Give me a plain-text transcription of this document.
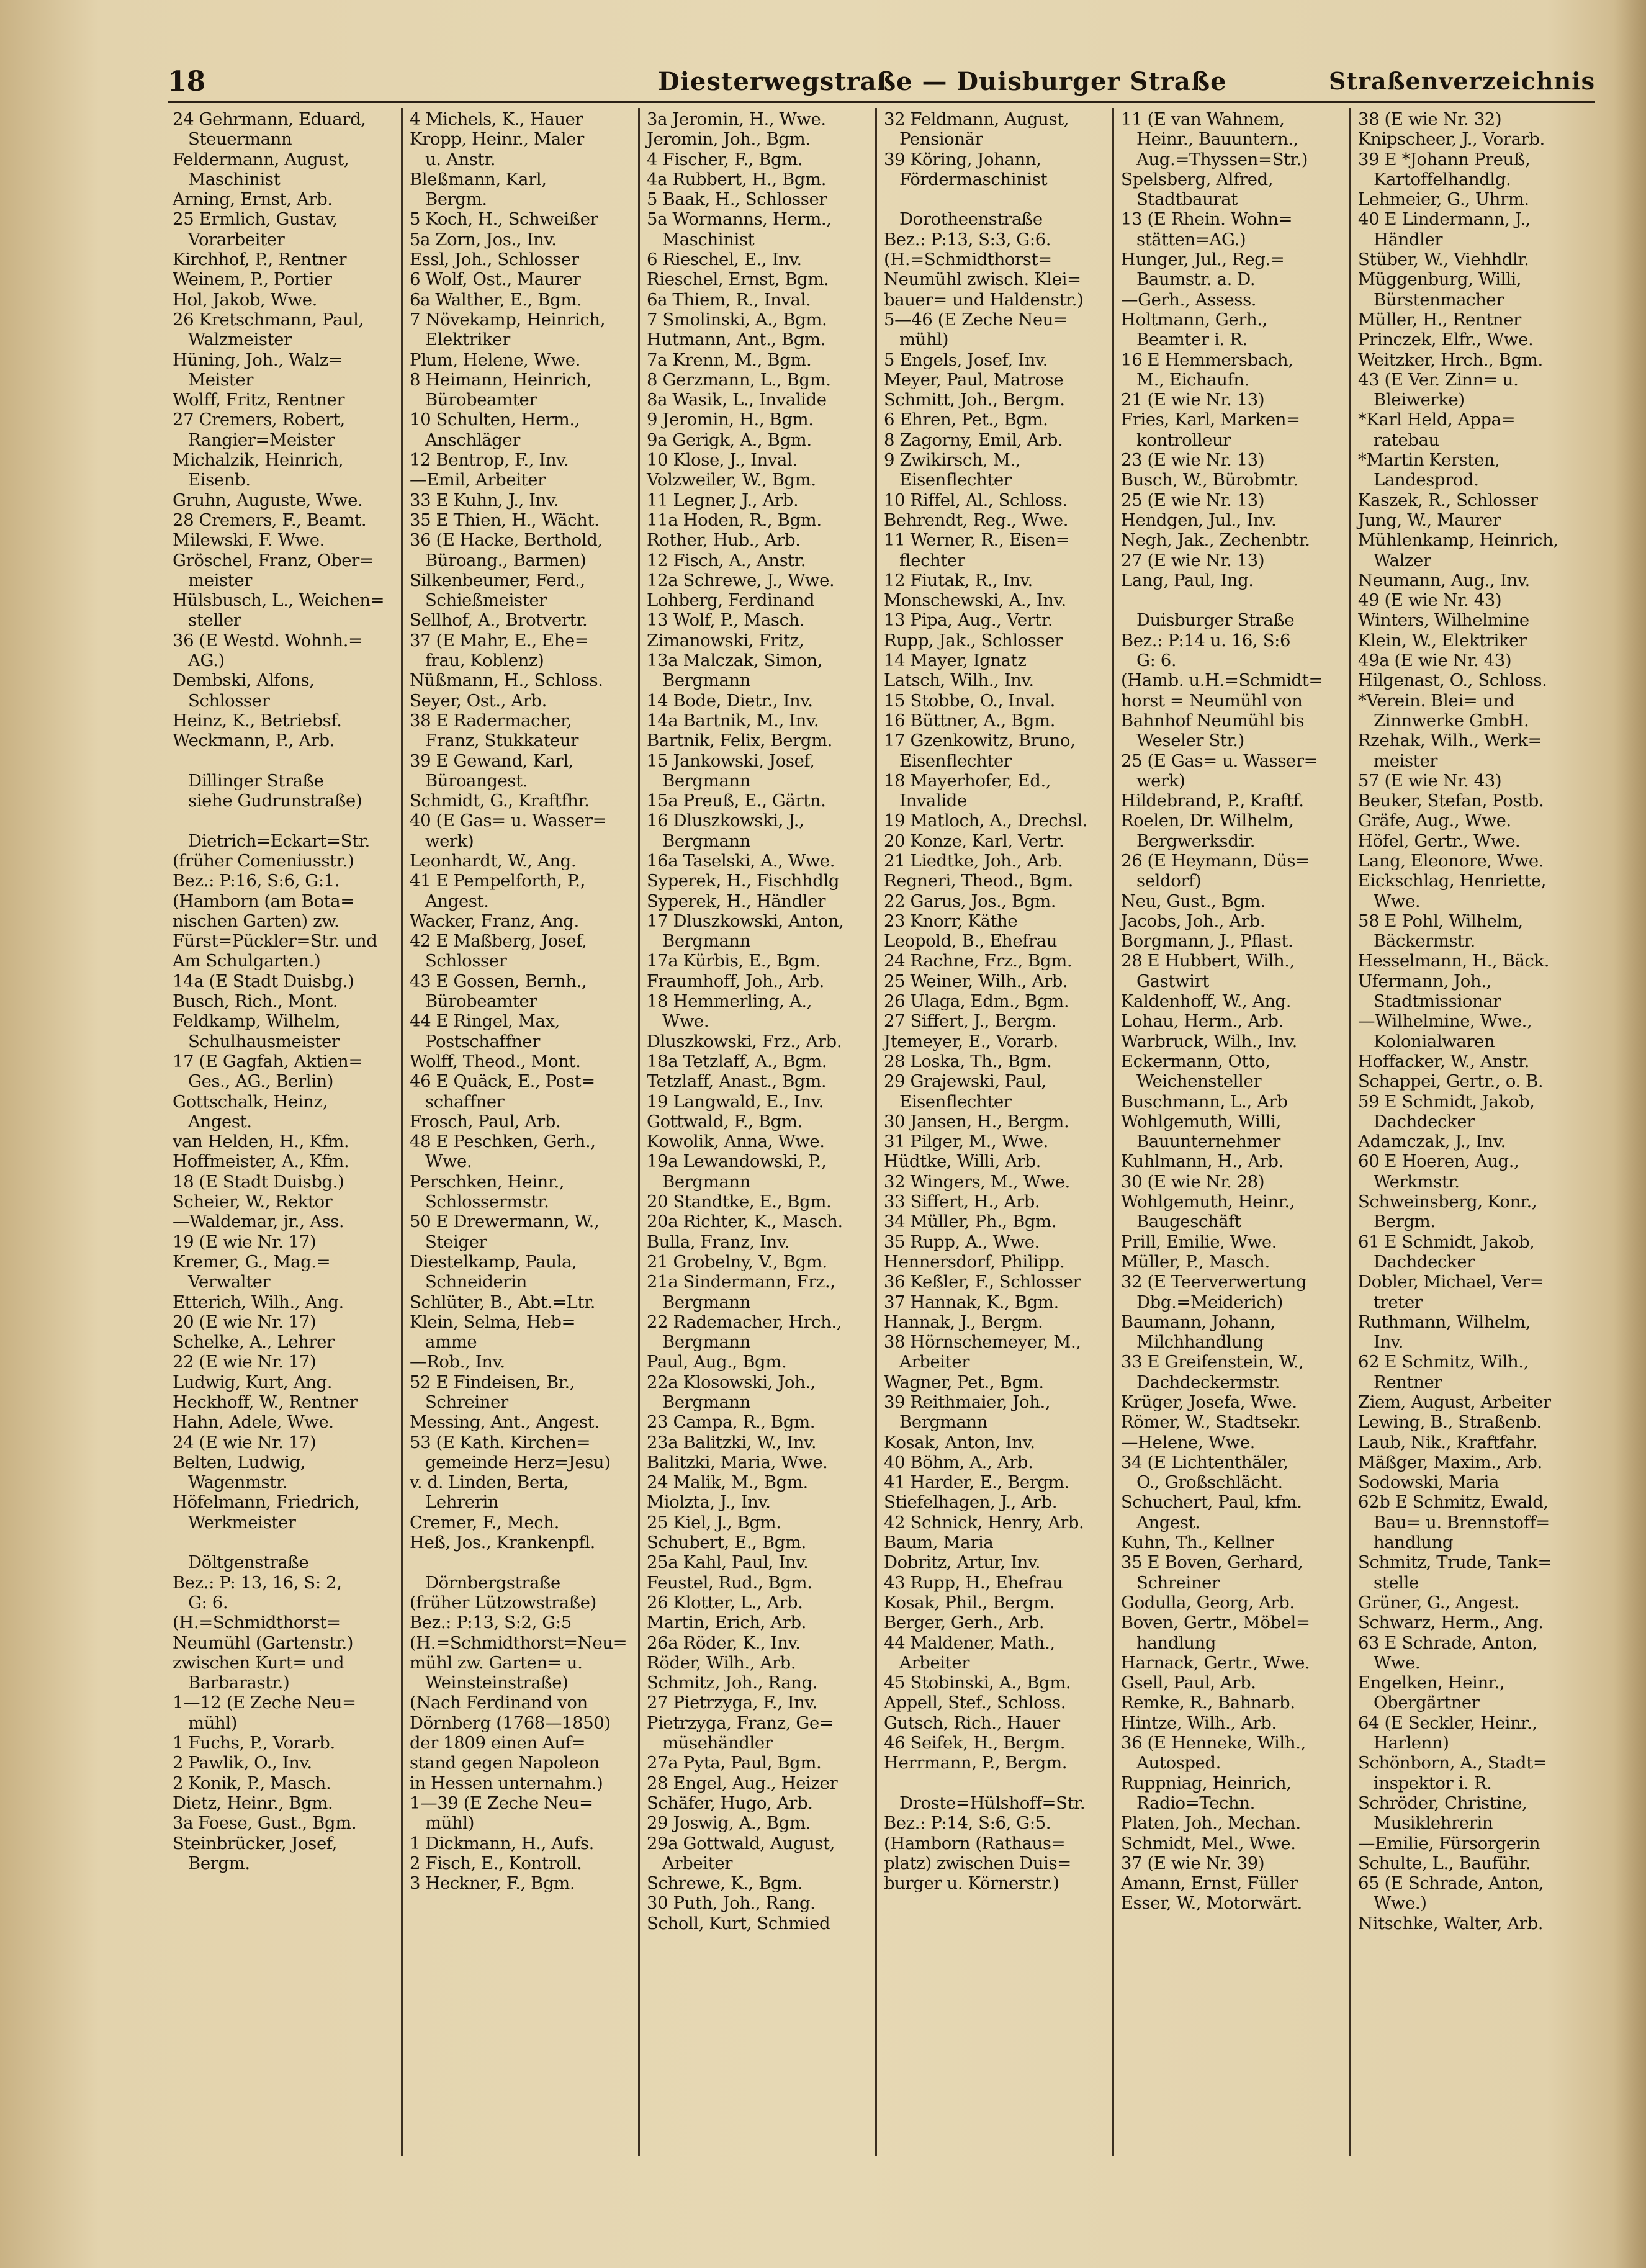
18	Diesterwegstraße — Duisburger Straße	Straßenverzeichnis
24 Gehrmann, Eduard,
Steuermann
Feldermann, August,
Maschinist
Arning, Ernst, Arb.
25 Ermlich, Gustav,
Vorarbeiter
Kirchhof, P., Rentner
Weinem, P., Portier
Hol, Jakob, Wwe.
26 Kretschmann, Paul,
Walzmeister
Hüning, Joh., Walz=
Meister
Wolff, Fritz, Rentner
27 Cremers, Robert,
Rangier=Meister
Michalzik, Heinrich,
Eisenb.
Gruhn, Auguste, Wwe.
28 Cremers, F., Beamt.
Milewski, F. Wwe.
Gröschel, Franz, Ober=
meister
Hülsbusch, L., Weichen=
steller
36 (E Westd. Wohnh.=
AG.)
Dembski, Alfons,
Schlosser
Heinz, K., Betriebsf.
Weckmann, P., Arb.

Dillinger Straße
siehe Gudrunstraße)

Dietrich=Eckart=Str.
(früher Comeniusstr.)
Bez.: P:16, S:6, G:1.
(Hamborn (am Bota=
nischen Garten) zw.
Fürst=Pückler=Str. und
Am Schulgarten.)
14a (E Stadt Duisbg.)
Busch, Rich., Mont.
Feldkamp, Wilhelm,
Schulhausmeister
17 (E Gagfah, Aktien=
Ges., AG., Berlin)
Gottschalk, Heinz,
Angest.
van Helden, H., Kfm.
Hoffmeister, A., Kfm.
18 (E Stadt Duisbg.)
Scheier, W., Rektor
—Waldemar, jr., Ass.
19 (E wie Nr. 17)
Kremer, G., Mag.=
Verwalter
Etterich, Wilh., Ang.
20 (E wie Nr. 17)
Schelke, A., Lehrer
22 (E wie Nr. 17)
Ludwig, Kurt, Ang.
Heckhoff, W., Rentner
Hahn, Adele, Wwe.
24 (E wie Nr. 17)
Belten, Ludwig,
Wagenmstr.
Höfelmann, Friedrich,
Werkmeister

Döltgenstraße
Bez.: P: 13, 16, S: 2,
G: 6.
(H.=Schmidthorst=
Neumühl (Gartenstr.)
zwischen Kurt= und
Barbarastr.)
1—12 (E Zeche Neu=
mühl)
1 Fuchs, P., Vorarb.
2 Pawlik, O., Inv.
2 Konik, P., Masch.
Dietz, Heinr., Bgm.
3a Foese, Gust., Bgm.
Steinbrücker, Josef,
Bergm.
4 Michels, K., Hauer
Kropp, Heinr., Maler
u. Anstr.
Bleßmann, Karl,
Bergm.
5 Koch, H., Schweißer
5a Zorn, Jos., Inv.
Essl, Joh., Schlosser
6 Wolf, Ost., Maurer
6a Walther, E., Bgm.
7 Növekamp, Heinrich,
Elektriker
Plum, Helene, Wwe.
8 Heimann, Heinrich,
Bürobeamter
10 Schulten, Herm.,
Anschläger
12 Bentrop, F., Inv.
—Emil, Arbeiter
33 E Kuhn, J., Inv.
35 E Thien, H., Wächt.
36 (E Hacke, Berthold,
Büroang., Barmen)
Silkenbeumer, Ferd.,
Schießmeister
Sellhof, A., Brotvertr.
37 (E Mahr, E., Ehe=
frau, Koblenz)
Nüßmann, H., Schloss.
Seyer, Ost., Arb.
38 E Radermacher,
Franz, Stukkateur
39 E Gewand, Karl,
Büroangest.
Schmidt, G., Kraftfhr.
40 (E Gas= u. Wasser=
werk)
Leonhardt, W., Ang.
41 E Pempelforth, P.,
Angest.
Wacker, Franz, Ang.
42 E Maßberg, Josef,
Schlosser
43 E Gossen, Bernh.,
Bürobeamter
44 E Ringel, Max,
Postschaffner
Wolff, Theod., Mont.
46 E Quäck, E., Post=
schaffner
Frosch, Paul, Arb.
48 E Peschken, Gerh.,
Wwe.
Perschken, Heinr.,
Schlossermstr.
50 E Drewermann, W.,
Steiger
Diestelkamp, Paula,
Schneiderin
Schlüter, B., Abt.=Ltr.
Klein, Selma, Heb=
amme
—Rob., Inv.
52 E Findeisen, Br.,
Schreiner
Messing, Ant., Angest.
53 (E Kath. Kirchen=
gemeinde Herz=Jesu)
v. d. Linden, Berta,
Lehrerin
Cremer, F., Mech.
Heß, Jos., Krankenpfl.

Dörnbergstraße
(früher Lützowstraße)
Bez.: P:13, S:2, G:5
(H.=Schmidthorst=Neu=
mühl zw. Garten= u.
Weinsteinstraße)
(Nach Ferdinand von
Dörnberg (1768—1850)
der 1809 einen Auf=
stand gegen Napoleon
in Hessen unternahm.)
1—39 (E Zeche Neu=
mühl)
1 Dickmann, H., Aufs.
2 Fisch, E., Kontroll.
3 Heckner, F., Bgm.
3a Jeromin, H., Wwe.
Jeromin, Joh., Bgm.
4 Fischer, F., Bgm.
4a Rubbert, H., Bgm.
5 Baak, H., Schlosser
5a Wormanns, Herm.,
Maschinist
6 Rieschel, E., Inv.
Rieschel, Ernst, Bgm.
6a Thiem, R., Inval.
7 Smolinski, A., Bgm.
Hutmann, Ant., Bgm.
7a Krenn, M., Bgm.
8 Gerzmann, L., Bgm.
8a Wasik, L., Invalide
9 Jeromin, H., Bgm.
9a Gerigk, A., Bgm.
10 Klose, J., Inval.
Volzweiler, W., Bgm.
11 Legner, J., Arb.
11a Hoden, R., Bgm.
Rother, Hub., Arb.
12 Fisch, A., Anstr.
12a Schrewe, J., Wwe.
Lohberg, Ferdinand
13 Wolf, P., Masch.
Zimanowski, Fritz,
13a Malczak, Simon,
Bergmann
14 Bode, Dietr., Inv.
14a Bartnik, M., Inv.
Bartnik, Felix, Bergm.
15 Jankowski, Josef,
Bergmann
15a Preuß, E., Gärtn.
16 Dluszkowski, J.,
Bergmann
16a Taselski, A., Wwe.
Syperek, H., Fischhdlg
Syperek, H., Händler
17 Dluszkowski, Anton,
Bergmann
17a Kürbis, E., Bgm.
Fraumhoff, Joh., Arb.
18 Hemmerling, A.,
Wwe.
Dluszkowski, Frz., Arb.
18a Tetzlaff, A., Bgm.
Tetzlaff, Anast., Bgm.
19 Langwald, E., Inv.
Gottwald, F., Bgm.
Kowolik, Anna, Wwe.
19a Lewandowski, P.,
Bergmann
20 Standtke, E., Bgm.
20a Richter, K., Masch.
Bulla, Franz, Inv.
21 Grobelny, V., Bgm.
21a Sindermann, Frz.,
Bergmann
22 Rademacher, Hrch.,
Bergmann
Paul, Aug., Bgm.
22a Klosowski, Joh.,
Bergmann
23 Campa, R., Bgm.
23a Balitzki, W., Inv.
Balitzki, Maria, Wwe.
24 Malik, M., Bgm.
Miolzta, J., Inv.
25 Kiel, J., Bgm.
Schubert, E., Bgm.
25a Kahl, Paul, Inv.
Feustel, Rud., Bgm.
26 Klotter, L., Arb.
Martin, Erich, Arb.
26a Röder, K., Inv.
Röder, Wilh., Arb.
Schmitz, Joh., Rang.
27 Pietrzyga, F., Inv.
Pietrzyga, Franz, Ge=
müsehändler
27a Pyta, Paul, Bgm.
28 Engel, Aug., Heizer
Schäfer, Hugo, Arb.
29 Joswig, A., Bgm.
29a Gottwald, August,
Arbeiter
Schrewe, K., Bgm.
30 Puth, Joh., Rang.
Scholl, Kurt, Schmied
32 Feldmann, August,
Pensionär
39 Köring, Johann,
Fördermaschinist

Dorotheenstraße
Bez.: P:13, S:3, G:6.
(H.=Schmidthorst=
Neumühl zwisch. Klei=
bauer= und Haldenstr.)
5—46 (E Zeche Neu=
mühl)
5 Engels, Josef, Inv.
Meyer, Paul, Matrose
Schmitt, Joh., Bergm.
6 Ehren, Pet., Bgm.
8 Zagorny, Emil, Arb.
9 Zwikirsch, M.,
Eisenflechter
10 Riffel, Al., Schloss.
Behrendt, Reg., Wwe.
11 Werner, R., Eisen=
flechter
12 Fiutak, R., Inv.
Monschewski, A., Inv.
13 Pipa, Aug., Vertr.
Rupp, Jak., Schlosser
14 Mayer, Ignatz
Latsch, Wilh., Inv.
15 Stobbe, O., Inval.
16 Büttner, A., Bgm.
17 Gzenkowitz, Bruno,
Eisenflechter
18 Mayerhofer, Ed.,
Invalide
19 Matloch, A., Drechsl.
20 Konze, Karl, Vertr.
21 Liedtke, Joh., Arb.
Regneri, Theod., Bgm.
22 Garus, Jos., Bgm.
23 Knorr, Käthe
Leopold, B., Ehefrau
24 Rachne, Frz., Bgm.
25 Weiner, Wilh., Arb.
26 Ulaga, Edm., Bgm.
27 Siffert, J., Bergm.
Jtemeyer, E., Vorarb.
28 Loska, Th., Bgm.
29 Grajewski, Paul,
Eisenflechter
30 Jansen, H., Bergm.
31 Pilger, M., Wwe.
Hüdtke, Willi, Arb.
32 Wingers, M., Wwe.
33 Siffert, H., Arb.
34 Müller, Ph., Bgm.
35 Rupp, A., Wwe.
Hennersdorf, Philipp.
36 Keßler, F., Schlosser
37 Hannak, K., Bgm.
Hannak, J., Bergm.
38 Hörnschemeyer, M.,
Arbeiter
Wagner, Pet., Bgm.
39 Reithmaier, Joh.,
Bergmann
Kosak, Anton, Inv.
40 Böhm, A., Arb.
41 Harder, E., Bergm.
Stiefelhagen, J., Arb.
42 Schnick, Henry, Arb.
Baum, Maria
Dobritz, Artur, Inv.
43 Rupp, H., Ehefrau
Kosak, Phil., Bergm.
Berger, Gerh., Arb.
44 Maldener, Math.,
Arbeiter
45 Stobinski, A., Bgm.
Appell, Stef., Schloss.
Gutsch, Rich., Hauer
46 Seifek, H., Bergm.
Herrmann, P., Bergm.

Droste=Hülshoff=Str.
Bez.: P:14, S:6, G:5.
(Hamborn (Rathaus=
platz) zwischen Duis=
burger u. Körnerstr.)
11 (E van Wahnem,
Heinr., Bauuntern.,
Aug.=Thyssen=Str.)
Spelsberg, Alfred,
Stadtbaurat
13 (E Rhein. Wohn=
stätten=AG.)
Hunger, Jul., Reg.=
Baumstr. a. D.
—Gerh., Assess.
Holtmann, Gerh.,
Beamter i. R.
16 E Hemmersbach,
M., Eichaufn.
21 (E wie Nr. 13)
Fries, Karl, Marken=
kontrolleur
23 (E wie Nr. 13)
Busch, W., Bürobmtr.
25 (E wie Nr. 13)
Hendgen, Jul., Inv.
Negh, Jak., Zechenbtr.
27 (E wie Nr. 13)
Lang, Paul, Ing.

Duisburger Straße
Bez.: P:14 u. 16, S:6
G: 6.
(Hamb. u.H.=Schmidt=
horst = Neumühl von
Bahnhof Neumühl bis
Weseler Str.)
25 (E Gas= u. Wasser=
werk)
Hildebrand, P., Kraftf.
Roelen, Dr. Wilhelm,
Bergwerksdir.
26 (E Heymann, Düs=
seldorf)
Neu, Gust., Bgm.
Jacobs, Joh., Arb.
Borgmann, J., Pflast.
28 E Hubbert, Wilh.,
Gastwirt
Kaldenhoff, W., Ang.
Lohau, Herm., Arb.
Warbruck, Wilh., Inv.
Eckermann, Otto,
Weichensteller
Buschmann, L., Arb
Wohlgemuth, Willi,
Bauunternehmer
Kuhlmann, H., Arb.
30 (E wie Nr. 28)
Wohlgemuth, Heinr.,
Baugeschäft
Prill, Emilie, Wwe.
Müller, P., Masch.
32 (E Teerverwertung
Dbg.=Meiderich)
Baumann, Johann,
Milchhandlung
33 E Greifenstein, W.,
Dachdeckermstr.
Krüger, Josefa, Wwe.
Römer, W., Stadtsekr.
—Helene, Wwe.
34 (E Lichtenthäler,
O., Großschlächt.
Schuchert, Paul, kfm.
Angest.
Kuhn, Th., Kellner
35 E Boven, Gerhard,
Schreiner
Godulla, Georg, Arb.
Boven, Gertr., Möbel=
handlung
Harnack, Gertr., Wwe.
Gsell, Paul, Arb.
Remke, R., Bahnarb.
Hintze, Wilh., Arb.
36 (E Henneke, Wilh.,
Autosped.
Ruppniag, Heinrich,
Radio=Techn.
Platen, Joh., Mechan.
Schmidt, Mel., Wwe.
37 (E wie Nr. 39)
Amann, Ernst, Füller
Esser, W., Motorwärt.
38 (E wie Nr. 32)
Knipscheer, J., Vorarb.
39 E *Johann Preuß,
Kartoffelhandlg.
Lehmeier, G., Uhrm.
40 E Lindermann, J.,
Händler
Stüber, W., Viehhdlr.
Müggenburg, Willi,
Bürstenmacher
Müller, H., Rentner
Princzek, Elfr., Wwe.
Weitzker, Hrch., Bgm.
43 (E Ver. Zinn= u.
Bleiwerke)
*Karl Held, Appa=
ratebau
*Martin Kersten,
Landesprod.
Kaszek, R., Schlosser
Jung, W., Maurer
Mühlenkamp, Heinrich,
Walzer
Neumann, Aug., Inv.
49 (E wie Nr. 43)
Winters, Wilhelmine
Klein, W., Elektriker
49a (E wie Nr. 43)
Hilgenast, O., Schloss.
*Verein. Blei= und
Zinnwerke GmbH.
Rzehak, Wilh., Werk=
meister
57 (E wie Nr. 43)
Beuker, Stefan, Postb.
Gräfe, Aug., Wwe.
Höfel, Gertr., Wwe.
Lang, Eleonore, Wwe.
Eickschlag, Henriette,
Wwe.
58 E Pohl, Wilhelm,
Bäckermstr.
Hesselmann, H., Bäck.
Ufermann, Joh.,
Stadtmissionar
—Wilhelmine, Wwe.,
Kolonialwaren
Hoffacker, W., Anstr.
Schappei, Gertr., o. B.
59 E Schmidt, Jakob,
Dachdecker
Adamczak, J., Inv.
60 E Hoeren, Aug.,
Werkmstr.
Schweinsberg, Konr.,
Bergm.
61 E Schmidt, Jakob,
Dachdecker
Dobler, Michael, Ver=
treter
Ruthmann, Wilhelm,
Inv.
62 E Schmitz, Wilh.,
Rentner
Ziem, August, Arbeiter
Lewing, B., Straßenb.
Laub, Nik., Kraftfahr.
Mäßger, Maxim., Arb.
Sodowski, Maria
62b E Schmitz, Ewald,
Bau= u. Brennstoff=
handlung
Schmitz, Trude, Tank=
stelle
Grüner, G., Angest.
Schwarz, Herm., Ang.
63 E Schrade, Anton,
Wwe.
Engelken, Heinr.,
Obergärtner
64 (E Seckler, Heinr.,
Harlenn)
Schönborn, A., Stadt=
inspektor i. R.
Schröder, Christine,
Musiklehrerin
—Emilie, Fürsorgerin
Schulte, L., Bauführ.
65 (E Schrade, Anton,
Wwe.)
Nitschke, Walter, Arb.
